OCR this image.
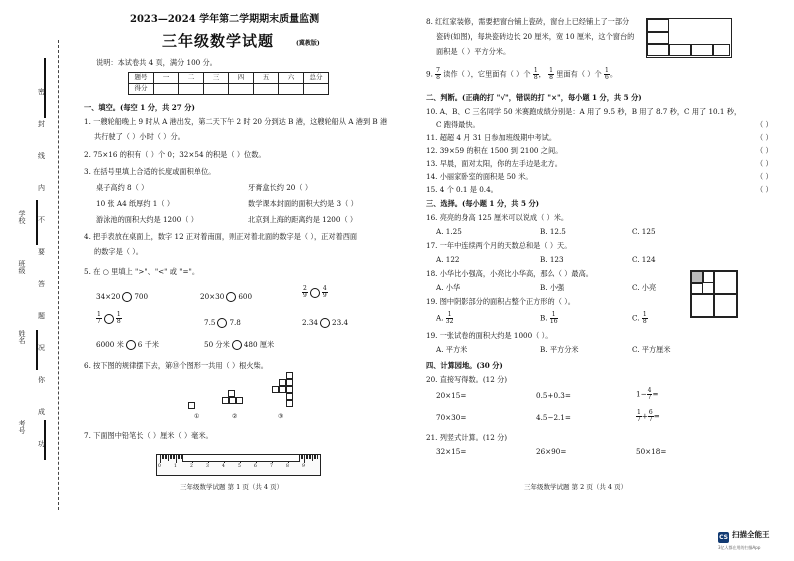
密
封
线
内
不
要
答
题
况
你
成
功
学校
班级
姓名
考号
2023—2024 学年第二学期期末质量监测
三年级数学试题	(冀教版)
说明：本试卷共 4 页，满分 100 分。
题号	一	二	三	四	五	六	总分
得分							
一、填空。(每空 1 分，共 27 分)
1. 一艘轮船晚上 9 时从 A 港出发，第二天下午 2 时 20 分到达 B 港，这艘轮船从 A 港到 B 港
共行驶了（ ）小时（ ）分。
2. 75×16 的积有（ ）个 0；32×54 的积是（ ）位数。
3. 在括号里填上合适的长度或面积单位。
桌子高约 8（ ）	牙膏盒长约 20（ ）
10 张 A4 纸厚约 1（ ）	数学课本封面的面积大约是 3（ ）
游泳池的面积大约是 1200（ ）	北京到上海的距离约是 1200（ ）
4. 把手表放在桌面上，数字 12 正对着南面，则正对着北面的数字是（ ），正对着西面
的数字是（ ）。
5. 在 ○ 里填上 ">"、"<" 或 "="。
34×20 700	20×30 600	$\frac{2}{9} \frac{4}{9}$
$\frac{1}{7} \frac{1}{8}$	7.5 7.8	2.34 23.4
6000 米 6 千米	50 分米 480 厘米
6. 按下图的规律摆下去，第⑩个图形一共用（ ）根火柴。
①	②	③
7. 下面图中铅笔长（ ）厘米（ ）毫米。
0	1	2	3	4	5	6	7	8	9
三年级数学试题 第 1 页（共 4 页）
8. 红红家装修，需要把窗台铺上瓷砖，窗台上已经铺上了一部分
瓷砖(如图)，每块瓷砖边长 20 厘米，宽 10 厘米，这个窗台的
面积是（ ）平方分米。
9. $\frac{7}{8}$ 读作（ ），它里面有（ ）个 $\frac{1}{8}$ ， $\frac{1}{8}$ 里面有（ ）个 $\frac{1}{6}$ 。
二、判断。(正确的打 "√"，错误的打 "×"，每小题 1 分，共 5 分)
10. A、B、C 三名同学 50 米赛跑成绩分别是：A 用了 9.5 秒，B 用了 8.7 秒，C 用了 10.1 秒，
C 跑得最快。
11. 超超 4 月 31 日参加班级期中考试。
12. 39×59 的积在 1500 到 2100 之间。
13. 早晨，面对太阳，你的左手边是北方。
14. 小丽家卧室的面积是 50 米。
15. 4 个 0.1 是 0.4。
（ ）
（ ）
（ ）
（ ）
（ ）
（ ）
三、选择。(每小题 1 分，共 5 分)
16. 亮亮的身高 125 厘米可以说成（ ）米。
A. 1.25	B. 12.5	C. 125
17. 一年中连续两个月的天数总和是（ ）天。
A. 122	B. 123	C. 124
18. 小华比小强高，小亮比小华高，那么（ ）最高。
A. 小华	B. 小强	C. 小亮
19. 图中阴影部分的面积占整个正方形的（ ）。
A. $\frac{1}{32}$	B. $\frac{1}{16}$	C. $\frac{1}{8}$
19. 一张试卷的面积大约是 1000（ ）。
A. 平方米	B. 平方分米	C. 平方厘米
四、计算园地。(30 分)
20. 直接写得数。(12 分)
20×15=	0.5+0.3=	$1- \frac{4}{7}$ =
70×30=	4.5−2.1=	$\frac{1}{7} + \frac{6}{7}$ =
21. 列竖式计算。(12 分)
32×15=	26×90=	50×18=
三年级数学试题 第 2 页（共 4 页）
CS 扫描全能王
3亿人都在用的扫描App
